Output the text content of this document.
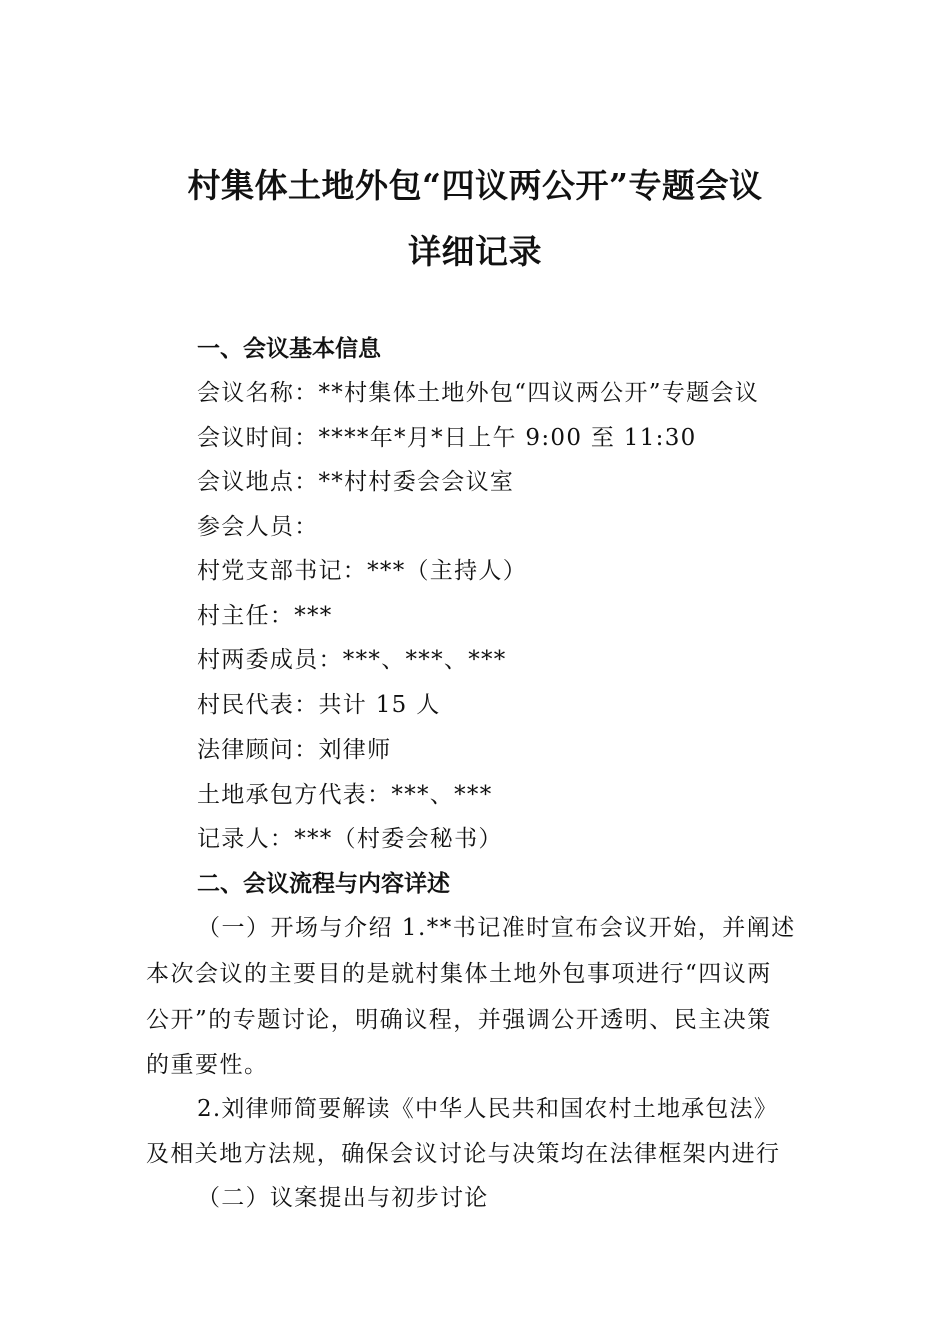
村集体土地外包“四议两公开”专题会议
详细记录
一、会议基本信息

会议名称：**村集体土地外包“四议两公开”专题会议

会议时间：****年*月*日上午 9:00 至 11:30

会议地点：**村村委会会议室

参会人员：

村党支部书记：***（主持人）

村主任：***

村两委成员：***、***、***

村民代表：共计 15 人

法律顾问：刘律师

土地承包方代表：***、***

记录人：***（村委会秘书）

二、会议流程与内容详述

（一）开场与介绍 1.**书记准时宣布会议开始，并阐述

本次会议的主要目的是就村集体土地外包事项进行“四议两

公开”的专题讨论，明确议程，并强调公开透明、民主决策

的重要性。

2.刘律师简要解读《中华人民共和国农村土地承包法》

及相关地方法规，确保会议讨论与决策均在法律框架内进行

（二）议案提出与初步讨论
